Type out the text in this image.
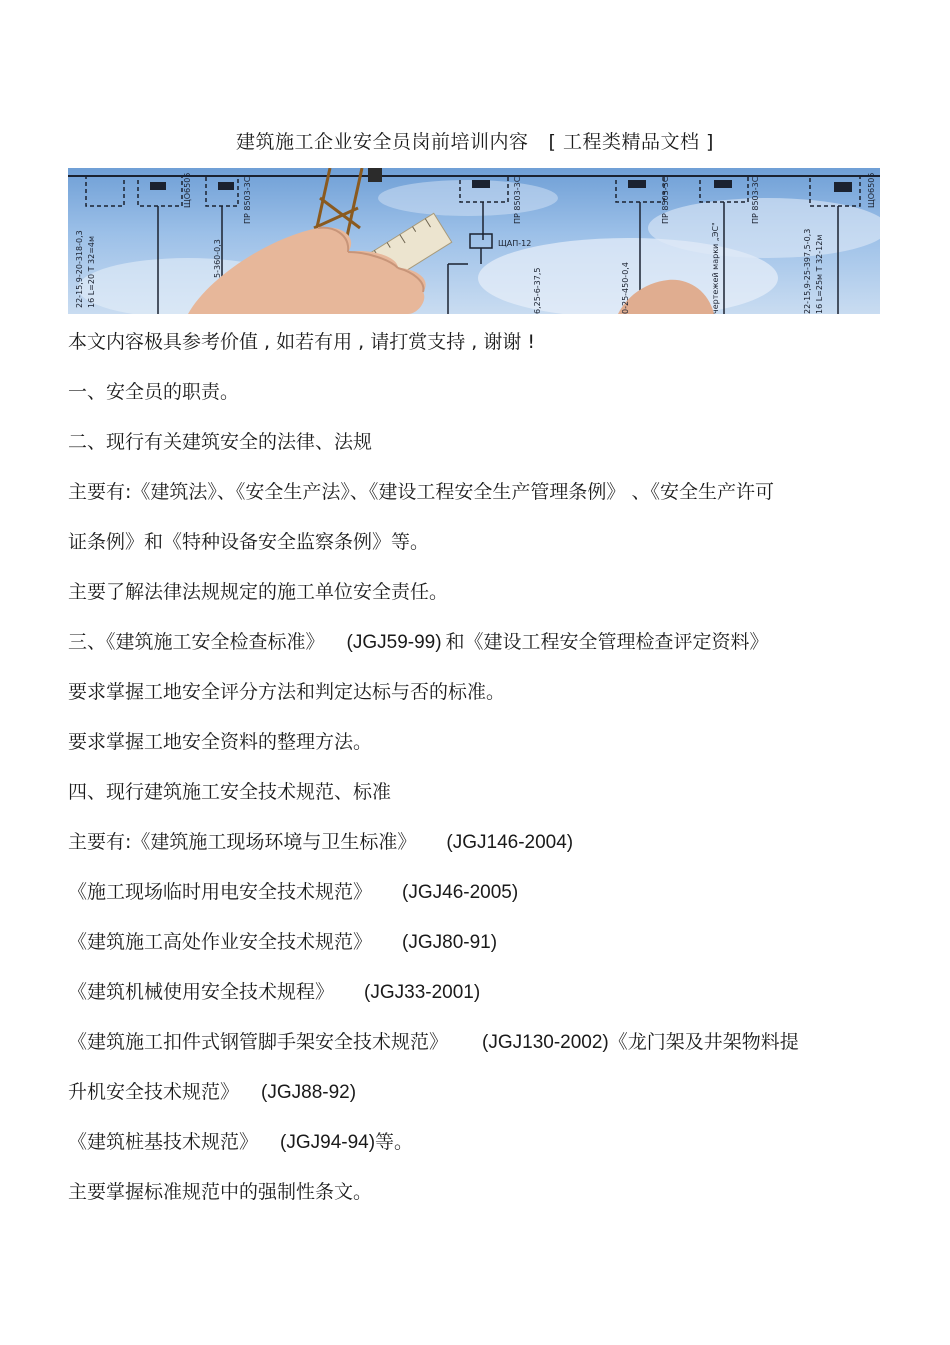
建筑施工企业安全员岗前培训内容 [ 工程类精品文档 ]
22-15,9-20-318-0,3 16 L=20 T 32=4м
ЩО6505
5-360-0,3
ПР 8503-3С	ПР 8503-3С
ЩАП-12
6,25-6-37,5	0-25-450-0,4
ПР 8503-3С
чертежей марки „ЭС"
ПР 8503-3С
22-15,9-25-397,5-0,3 16 L=25м T 32-12м
ЩО6505
本文内容极具参考价值 , 如若有用 , 请打赏支持 , 谢谢 !
一、安全员的职责。
二、现行有关建筑安全的法律、法规
主要有:《建筑法》、《安全生产法》、《建设工程安全生产管理条例》 、《安全生产许可
证条例》和《特种设备安全监察条例》等。
主要了解法律法规规定的施工单位安全责任。
三、《建筑施工安全检查标准》 (JGJ59-99) 和《建设工程安全管理检查评定资料》
要求掌握工地安全评分方法和判定达标与否的标准。
要求掌握工地安全资料的整理方法。
四、现行建筑施工安全技术规范、标准
主要有:《建筑施工现场环境与卫生标准》 (JGJ146-2004)
《施工现场临时用电安全技术规范》 (JGJ46-2005)
《建筑施工高处作业安全技术规范》 (JGJ80-91)
《建筑机械使用安全技术规程》 (JGJ33-2001)
《建筑施工扣件式钢管脚手架安全技术规范》 (JGJ130-2002)《龙门架及井架物料提
升机安全技术规范》 (JGJ88-92)
《建筑桩基技术规范》 (JGJ94-94)等。
主要掌握标准规范中的强制性条文。
